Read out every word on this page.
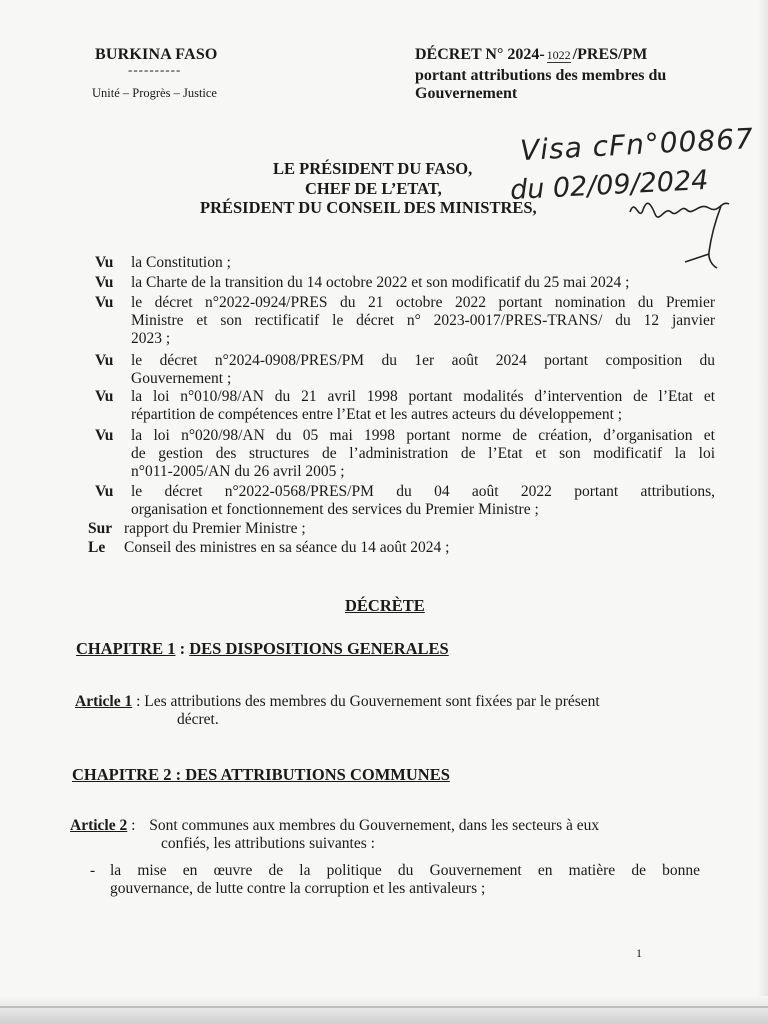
BURKINA FASO
----------
Unité – Progrès – Justice
DÉCRET N° 2024- 1022 /PRES/PM
portant attributions des membres du
Gouvernement
Visa cFn°00867
du 02/09/2024
LE PRÉSIDENT DU FASO,
CHEF DE L’ETAT,
PRÉSIDENT DU CONSEIL DES MINISTRES,
Vu	la Constitution ;
Vu	la Charte de la transition du 14 octobre 2022 et son modificatif du 25 mai 2024 ;
Vu	le décret n°2022-0924/PRES du 21 octobre 2022 portant nomination du Premier
Ministre et son rectificatif le décret n° 2023-0017/PRES-TRANS/ du 12 janvier
2023 ;
Vu	le décret n°2024-0908/PRES/PM du 1er août 2024 portant composition du
Gouvernement ;
Vu	la loi n°010/98/AN du 21 avril 1998 portant modalités d’intervention de l’Etat et
répartition de compétences entre l’Etat et les autres acteurs du développement ;
Vu	la loi n°020/98/AN du 05 mai 1998 portant norme de création, d’organisation et
de gestion des structures de l’administration de l’Etat et son modificatif la loi
n°011-2005/AN du 26 avril 2005 ;
Vu	le décret n°2022-0568/PRES/PM du 04 août 2022 portant attributions,
organisation et fonctionnement des services du Premier Ministre ;
Sur rapport du Premier Ministre ;
Le	Conseil des ministres en sa séance du 14 août 2024 ;
DÉCRÈTE
CHAPITRE 1 : DES DISPOSITIONS GENERALES
Article 1 : Les attributions des membres du Gouvernement sont fixées par le présent
décret.
CHAPITRE 2 : DES ATTRIBUTIONS COMMUNES
Article 2 : Sont communes aux membres du Gouvernement, dans les secteurs à eux
confiés, les attributions suivantes :
- la mise en œuvre de la politique du Gouvernement en matière de bonne
gouvernance, de lutte contre la corruption et les antivaleurs ;
1
